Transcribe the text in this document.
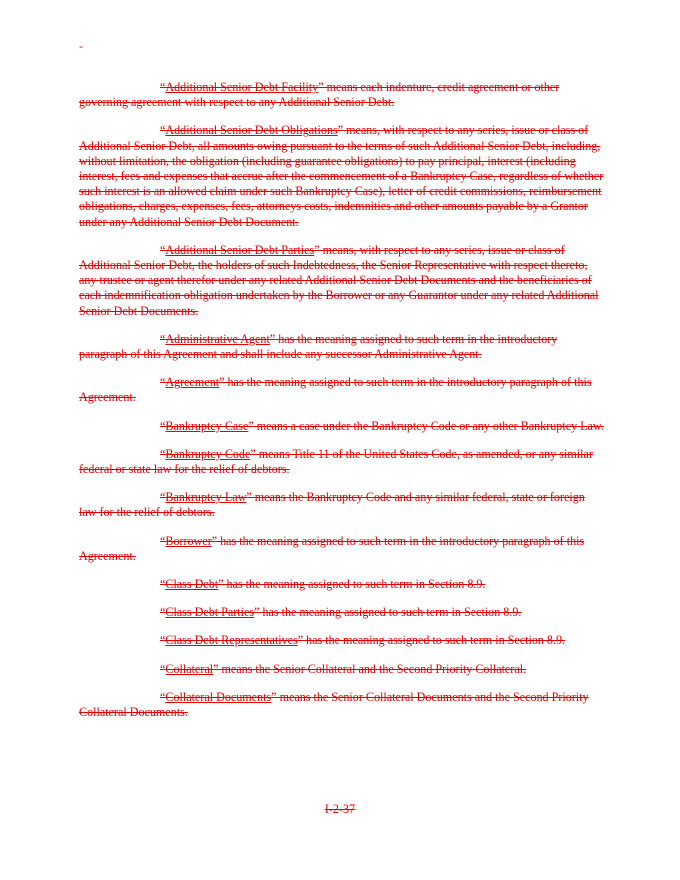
-

“Additional Senior Debt Facility” means each indenture, credit agreement or other governing agreement with respect to any Additional Senior Debt.

“Additional Senior Debt Obligations” means, with respect to any series, issue or class of Additional Senior Debt, all amounts owing pursuant to the terms of such Additional Senior Debt, including, without limitation, the obligation (including guarantee obligations) to pay principal, interest (including interest, fees and expenses that accrue after the commencement of a Bankruptcy Case, regardless of whether such interest is an allowed claim under such Bankruptcy Case), letter of credit commissions, reimbursement obligations, charges, expenses, fees, attorneys costs, indemnities and other amounts payable by a Grantor under any Additional Senior Debt Document.

“Additional Senior Debt Parties” means, with respect to any series, issue or class of Additional Senior Debt, the holders of such Indebtedness, the Senior Representative with respect thereto, any trustee or agent therefor under any related Additional Senior Debt Documents and the beneficiaries of each indemnification obligation undertaken by the Borrower or any Guarantor under any related Additional Senior Debt Documents.

“Administrative Agent” has the meaning assigned to such term in the introductory paragraph of this Agreement and shall include any successor Administrative Agent.

“Agreement” has the meaning assigned to such term in the introductory paragraph of this Agreement.

“Bankruptcy Case” means a case under the Bankruptcy Code or any other Bankruptcy Law.

“Bankruptcy Code” means Title 11 of the United States Code, as amended, or any similar federal or state law for the relief of debtors.

“Bankruptcy Law” means the Bankruptcy Code and any similar federal, state or foreign law for the relief of debtors.

“Borrower” has the meaning assigned to such term in the introductory paragraph of this Agreement.

“Class Debt” has the meaning assigned to such term in Section 8.9.

“Class Debt Parties” has the meaning assigned to such term in Section 8.9.

“Class Debt Representatives” has the meaning assigned to such term in Section 8.9.

“Collateral” means the Senior Collateral and the Second Priority Collateral.

“Collateral Documents” means the Senior Collateral Documents and the Second Priority Collateral Documents.

I-2-37
